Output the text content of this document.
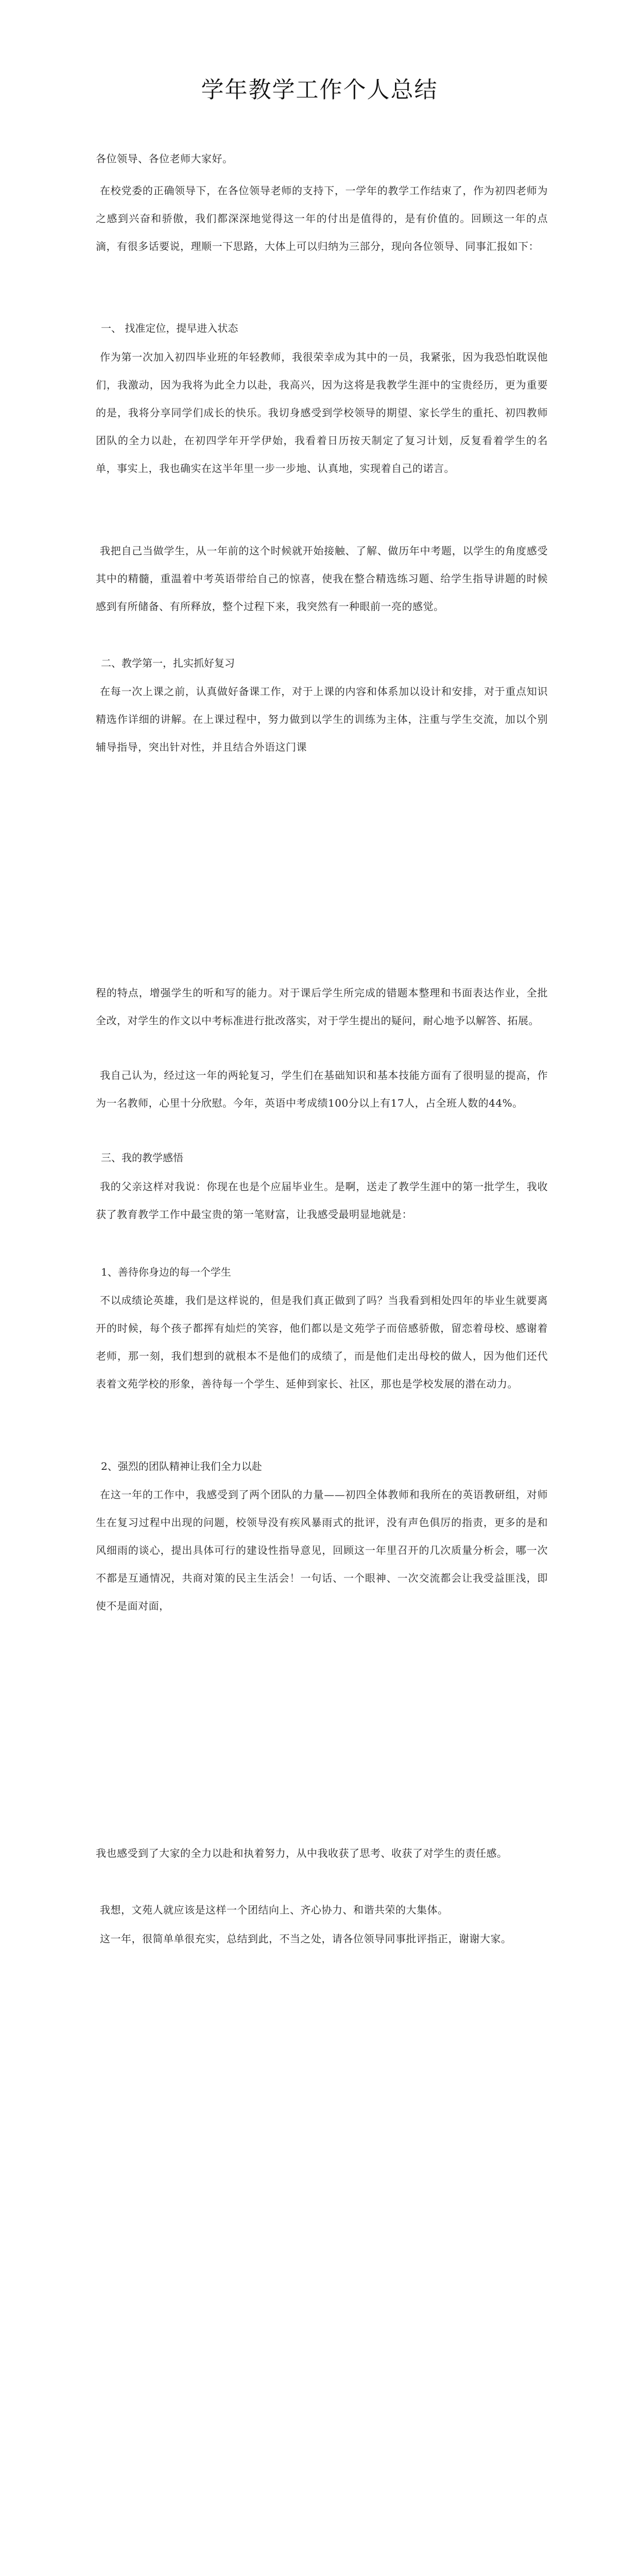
学年教学工作个人总结

各位领导、各位老师大家好。

在校党委的正确领导下，在各位领导老师的支持下，一学年的教学工作结束了，作为初四老师为之感到兴奋和骄傲，我们都深深地觉得这一年的付出是值得的，是有价值的。回顾这一年的点滴，有很多话要说，理顺一下思路，大体上可以归纳为三部分，现向各位领导、同事汇报如下：

一、 找准定位，提早进入状态

作为第一次加入初四毕业班的年轻教师，我很荣幸成为其中的一员，我紧张，因为我恐怕耽误他们，我激动，因为我将为此全力以赴，我高兴，因为这将是我教学生涯中的宝贵经历，更为重要的是，我将分享同学们成长的快乐。我切身感受到学校领导的期望、家长学生的重托、初四教师团队的全力以赴，在初四学年开学伊始，我看着日历按天制定了复习计划，反复看着学生的名单，事实上，我也确实在这半年里一步一步地、认真地，实现着自己的诺言。

我把自己当做学生，从一年前的这个时候就开始接触、了解、做历年中考题，以学生的角度感受其中的精髓，重温着中考英语带给自己的惊喜，使我在整合精选练习题、给学生指导讲题的时候感到有所储备、有所释放，整个过程下来，我突然有一种眼前一亮的感觉。

二、教学第一，扎实抓好复习

在每一次上课之前，认真做好备课工作，对于上课的内容和体系加以设计和安排，对于重点知识精选作详细的讲解。在上课过程中，努力做到以学生的训练为主体，注重与学生交流，加以个别辅导指导，突出针对性，并且结合外语这门课

程的特点，增强学生的听和写的能力。对于课后学生所完成的错题本整理和书面表达作业，全批全改，对学生的作文以中考标准进行批改落实，对于学生提出的疑问，耐心地予以解答、拓展。

我自己认为，经过这一年的两轮复习，学生们在基础知识和基本技能方面有了很明显的提高，作为一名教师，心里十分欣慰。今年，英语中考成绩100分以上有17人，占全班人数的44%。

三、我的教学感悟

我的父亲这样对我说：你现在也是个应届毕业生。是啊，送走了教学生涯中的第一批学生，我收获了教育教学工作中最宝贵的第一笔财富，让我感受最明显地就是：

1、善待你身边的每一个学生

不以成绩论英雄，我们是这样说的，但是我们真正做到了吗？当我看到相处四年的毕业生就要离开的时候，每个孩子都挥有灿烂的笑容，他们都以是文苑学子而倍感骄傲，留恋着母校、感谢着老师，那一刻，我们想到的就根本不是他们的成绩了，而是他们走出母校的做人，因为他们还代表着文苑学校的形象，善待每一个学生、延伸到家长、社区，那也是学校发展的潜在动力。

2、强烈的团队精神让我们全力以赴

在这一年的工作中，我感受到了两个团队的力量——初四全体教师和我所在的英语教研组，对师生在复习过程中出现的问题，校领导没有疾风暴雨式的批评，没有声色俱厉的指责，更多的是和风细雨的谈心，提出具体可行的建设性指导意见，回顾这一年里召开的几次质量分析会，哪一次不都是互通情况，共商对策的民主生活会！一句话、一个眼神、一次交流都会让我受益匪浅，即使不是面对面，

我也感受到了大家的全力以赴和执着努力，从中我收获了思考、收获了对学生的责任感。

我想，文苑人就应该是这样一个团结向上、齐心协力、和谐共荣的大集体。

这一年，很简单单很充实，总结到此，不当之处，请各位领导同事批评指正，谢谢大家。
